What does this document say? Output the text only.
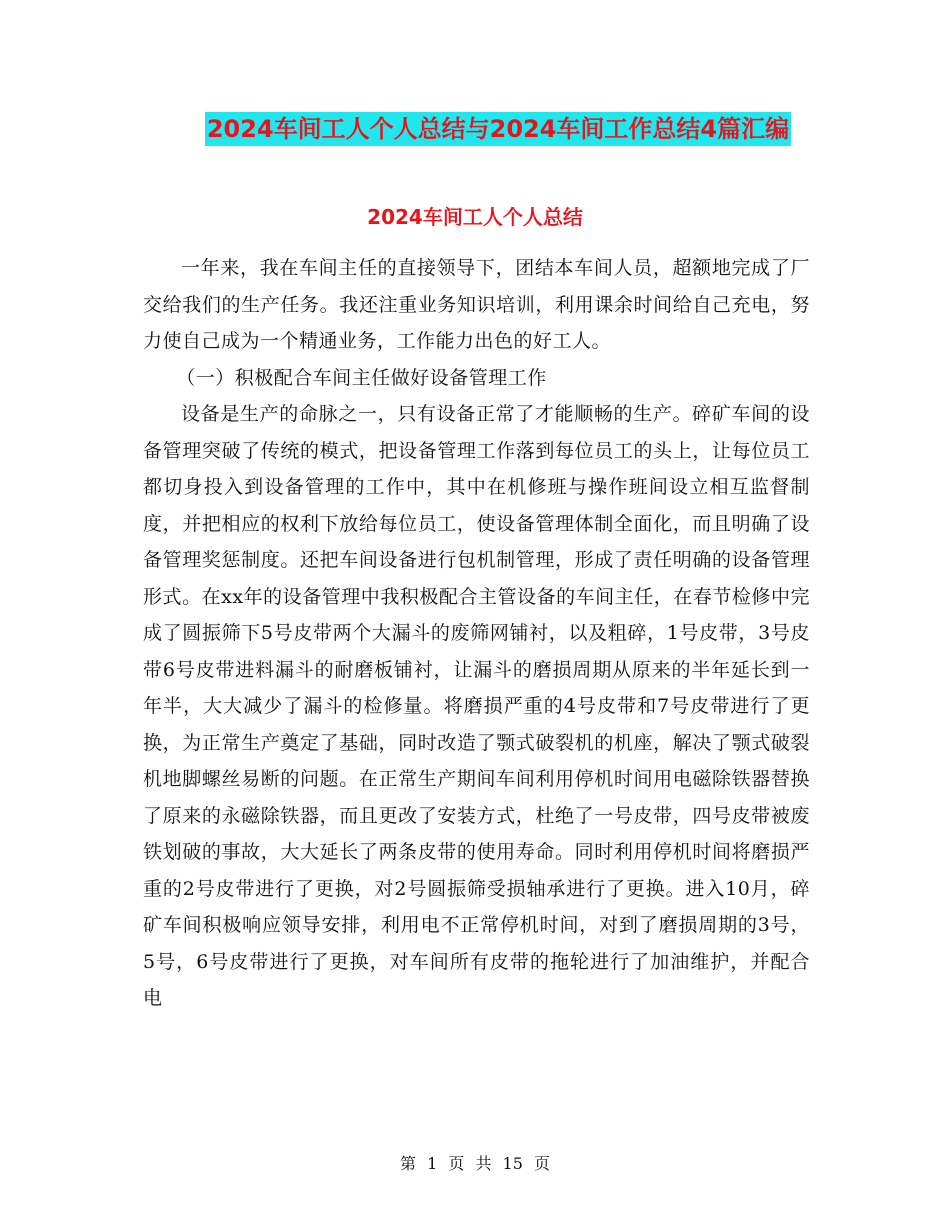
2024车间工人个人总结与2024车间工作总结4篇汇编
2024车间工人个人总结

一年来，我在车间主任的直接领导下，团结本车间人员，超额地完成了厂交给我们的生产任务。我还注重业务知识培训，利用课余时间给自己充电，努力使自己成为一个精通业务，工作能力出色的好工人。

（一）积极配合车间主任做好设备管理工作

设备是生产的命脉之一，只有设备正常了才能顺畅的生产。碎矿车间的设备管理突破了传统的模式，把设备管理工作落到每位员工的头上，让每位员工都切身投入到设备管理的工作中，其中在机修班与操作班间设立相互监督制度，并把相应的权利下放给每位员工，使设备管理体制全面化，而且明确了设备管理奖惩制度。还把车间设备进行包机制管理，形成了责任明确的设备管理形式。在xx年的设备管理中我积极配合主管设备的车间主任，在春节检修中完成了圆振筛下5号皮带两个大漏斗的废筛网铺衬，以及粗碎，1号皮带，3号皮带6号皮带进料漏斗的耐磨板铺衬，让漏斗的磨损周期从原来的半年延长到一年半，大大减少了漏斗的检修量。将磨损严重的4号皮带和7号皮带进行了更换，为正常生产奠定了基础，同时改造了颚式破裂机的机座，解决了颚式破裂机地脚螺丝易断的问题。在正常生产期间车间利用停机时间用电磁除铁器替换了原来的永磁除铁器，而且更改了安装方式，杜绝了一号皮带，四号皮带被废铁划破的事故，大大延长了两条皮带的使用寿命。同时利用停机时间将磨损严重的2号皮带进行了更换，对2号圆振筛受损轴承进行了更换。进入10月，碎矿车间积极响应领导安排，利用电不正常停机时间，对到了磨损周期的3号，5号，6号皮带进行了更换，对车间所有皮带的拖轮进行了加油维护，并配合电

第 1 页 共 15 页
